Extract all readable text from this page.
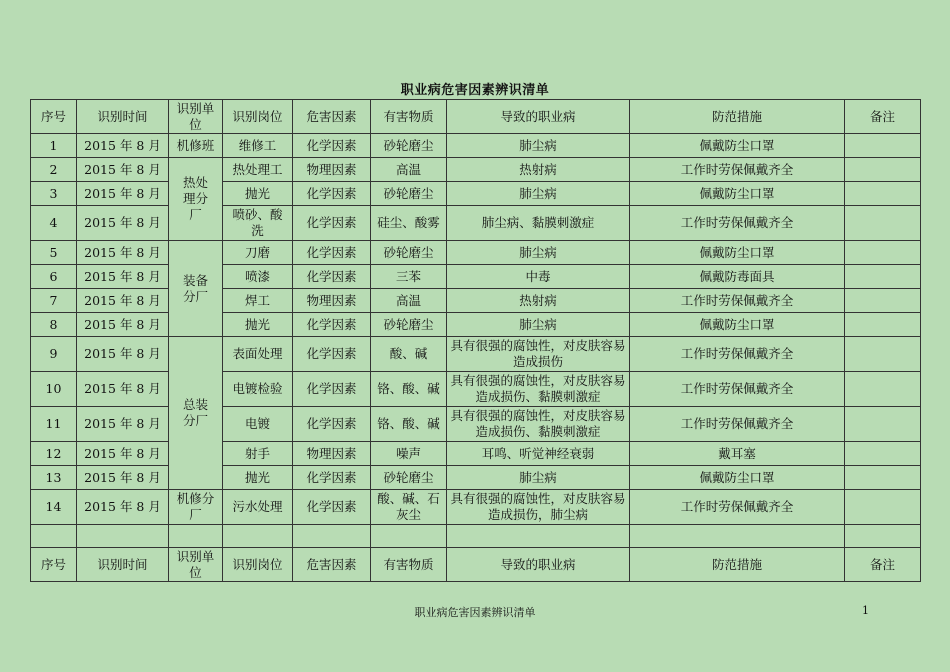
职业病危害因素辨识清单
序号	识别时间	识别单位	识别岗位	危害因素	有害物质	导致的职业病	防范措施	备注
1	2015 年 8 月	机修班	维修工	化学因素	砂轮磨尘	肺尘病	佩戴防尘口罩	
2	2015 年 8 月	热处理分厂	热处理工	物理因素	高温	热射病	工作时劳保佩戴齐全	
3	2015 年 8 月		抛光	化学因素	砂轮磨尘	肺尘病	佩戴防尘口罩	
4	2015 年 8 月		喷砂、酸洗	化学因素	硅尘、酸雾	肺尘病、黏膜刺激症	工作时劳保佩戴齐全	
5	2015 年 8 月	装备分厂	刀磨	化学因素	砂轮磨尘	肺尘病	佩戴防尘口罩	
6	2015 年 8 月		喷漆	化学因素	三苯	中毒	佩戴防毒面具	
7	2015 年 8 月		焊工	物理因素	高温	热射病	工作时劳保佩戴齐全	
8	2015 年 8 月		抛光	化学因素	砂轮磨尘	肺尘病	佩戴防尘口罩	
9	2015 年 8 月	总装分厂	表面处理	化学因素	酸、碱	具有很强的腐蚀性，对皮肤容易造成损伤	工作时劳保佩戴齐全	
10	2015 年 8 月		电镀检验	化学因素	铬、酸、碱	具有很强的腐蚀性，对皮肤容易造成损伤、黏膜刺激症	工作时劳保佩戴齐全	
11	2015 年 8 月		电镀	化学因素	铬、酸、碱	具有很强的腐蚀性，对皮肤容易造成损伤、黏膜刺激症	工作时劳保佩戴齐全	
12	2015 年 8 月		射手	物理因素	噪声	耳鸣、听觉神经衰弱	戴耳塞	
13	2015 年 8 月		抛光	化学因素	砂轮磨尘	肺尘病	佩戴防尘口罩	
14	2015 年 8 月	机修分厂	污水处理	化学因素	酸、碱、石灰尘	具有很强的腐蚀性，对皮肤容易造成损伤，肺尘病	工作时劳保佩戴齐全	

序号	识别时间	识别单位	识别岗位	危害因素	有害物质	导致的职业病	防范措施	备注
职业病危害因素辨识清单	1
